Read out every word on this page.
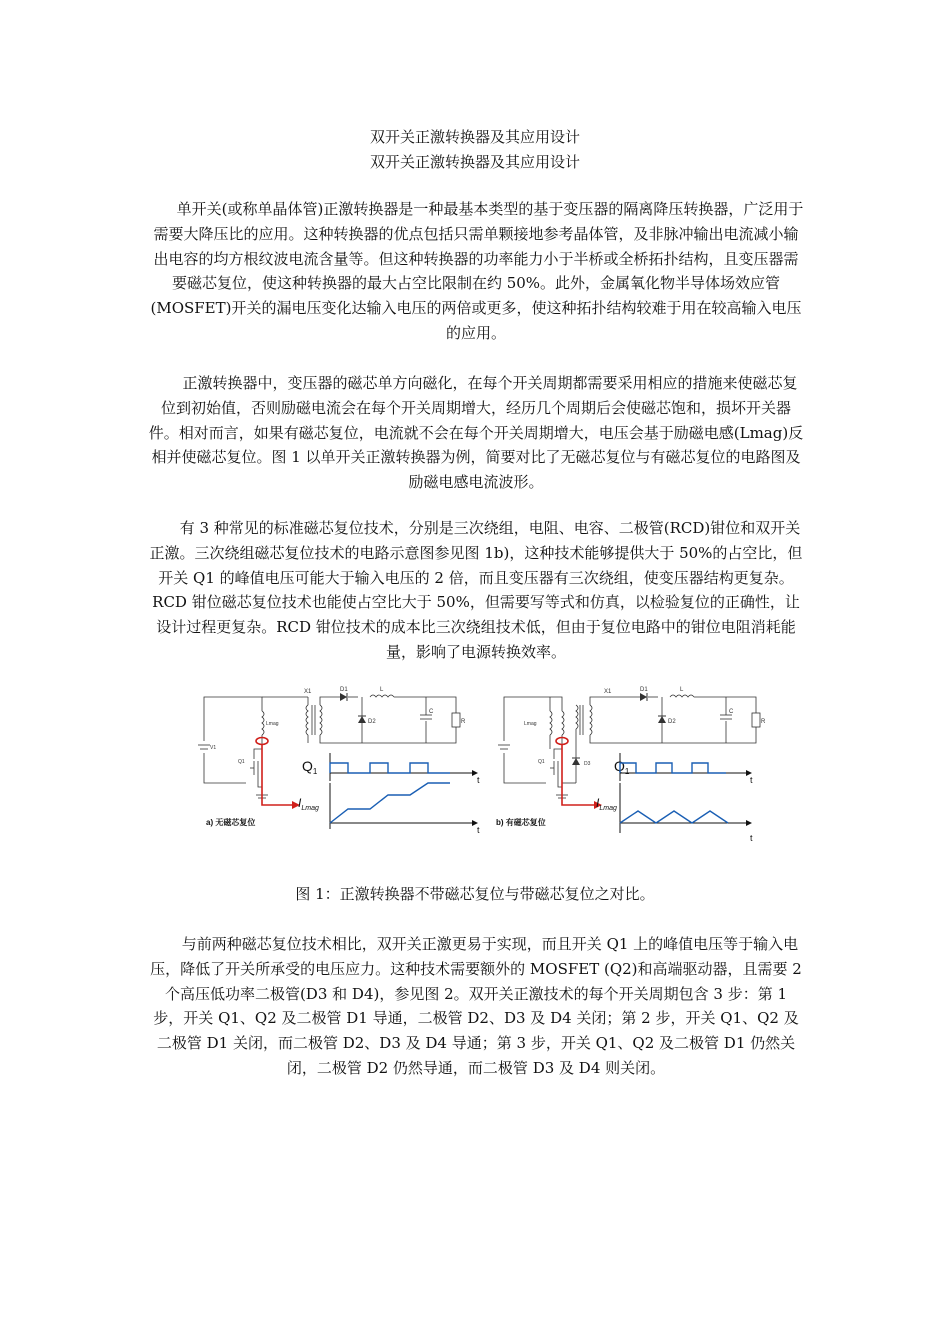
双开关正激转换器及其应用设计
双开关正激转换器及其应用设计
单开关(或称单晶体管)正激转换器是一种最基本类型的基于变压器的隔离降压转换器，广泛用于需要大降压比的应用。这种转换器的优点包括只需单颗接地参考晶体管，及非脉冲输出电流减小输出电容的均方根纹波电流含量等。但这种转换器的功率能力小于半桥或全桥拓扑结构，且变压器需要磁芯复位，使这种转换器的最大占空比限制在约 50%。此外，金属氧化物半导体场效应管(MOSFET)开关的漏电压变化达输入电压的两倍或更多，使这种拓扑结构较难于用在较高输入电压的应用。
正激转换器中，变压器的磁芯单方向磁化，在每个开关周期都需要采用相应的措施来使磁芯复位到初始值，否则励磁电流会在每个开关周期增大，经历几个周期后会使磁芯饱和，损坏开关器件。相对而言，如果有磁芯复位，电流就不会在每个开关周期增大，电压会基于励磁电感(Lmag)反相并使磁芯复位。图 1 以单开关正激转换器为例，简要对比了无磁芯复位与有磁芯复位的电路图及励磁电感电流波形。
有 3 种常见的标准磁芯复位技术，分别是三次绕组，电阻、电容、二极管(RCD)钳位和双开关正激。三次绕组磁芯复位技术的电路示意图参见图 1b)，这种技术能够提供大于 50%的占空比，但开关 Q1 的峰值电压可能大于输入电压的 2 倍，而且变压器有三次绕组，使变压器结构更复杂。RCD 钳位磁芯复位技术也能使占空比大于 50%，但需要写等式和仿真，以检验复位的正确性，让设计过程更复杂。RCD 钳位技术的成本比三次绕组技术低，但由于复位电路中的钳位电阻消耗能量，影响了电源转换效率。
X1	D1
D2
L
C
R
Lmag
Q1
V1
$Q_1$
t
$I_{Lmag}$
t
a) 无磁芯复位
X1	D1
D2
L
C
R
Lmag
Q1	D3 $Q_1$
t
$I_{Lmag}$
t
b) 有磁芯复位
图 1：正激转换器不带磁芯复位与带磁芯复位之对比。
与前两种磁芯复位技术相比，双开关正激更易于实现，而且开关 Q1 上的峰值电压等于输入电压，降低了开关所承受的电压应力。这种技术需要额外的 MOSFET (Q2)和高端驱动器，且需要 2 个高压低功率二极管(D3 和 D4)，参见图 2。双开关正激技术的每个开关周期包含 3 步：第 1 步，开关 Q1、Q2 及二极管 D1 导通，二极管 D2、D3 及 D4 关闭；第 2 步，开关 Q1、Q2 及二极管 D1 关闭，而二极管 D2、D3 及 D4 导通；第 3 步，开关 Q1、Q2 及二极管 D1 仍然关闭，二极管 D2 仍然导通，而二极管 D3 及 D4 则关闭。
